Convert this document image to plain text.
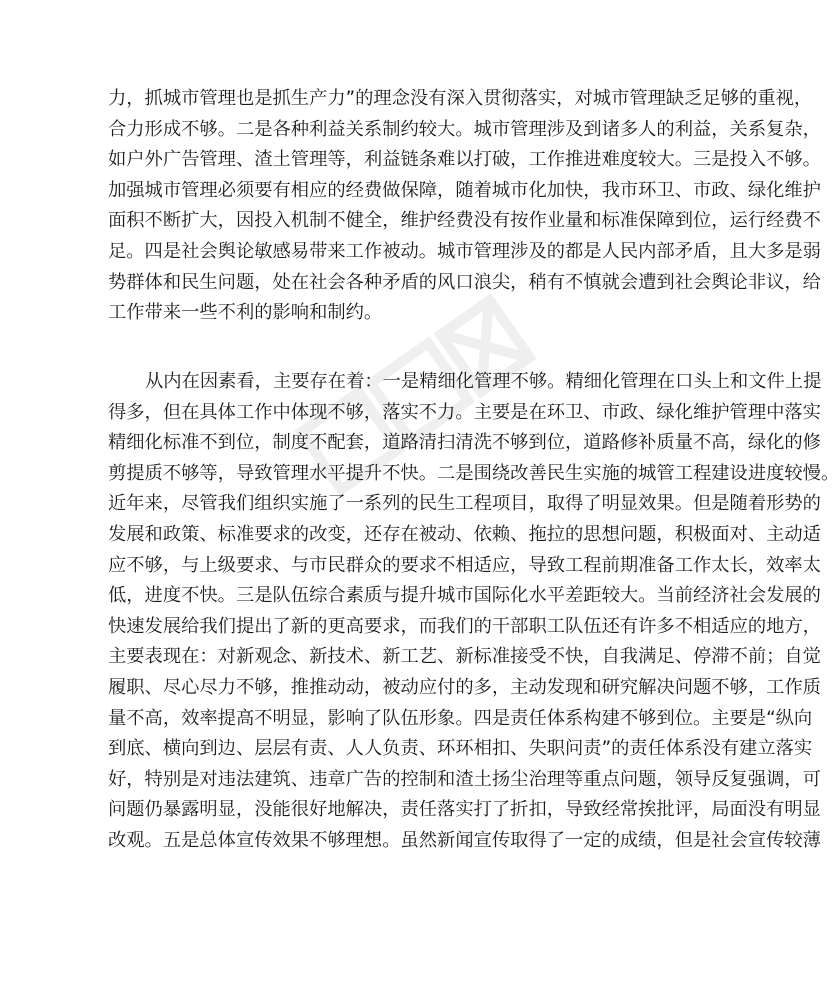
力，抓城市管理也是抓生产力”的理念没有深入贯彻落实，对城市管理缺乏足够的重视，
合力形成不够。二是各种利益关系制约较大。城市管理涉及到诸多人的利益，关系复杂，
如户外广告管理、渣土管理等，利益链条难以打破，工作推进难度较大。三是投入不够。
加强城市管理必须要有相应的经费做保障，随着城市化加快，我市环卫、市政、绿化维护
面积不断扩大，因投入机制不健全，维护经费没有按作业量和标准保障到位，运行经费不
足。四是社会舆论敏感易带来工作被动。城市管理涉及的都是人民内部矛盾，且大多是弱
势群体和民生问题，处在社会各种矛盾的风口浪尖，稍有不慎就会遭到社会舆论非议，给
工作带来一些不利的影响和制约。
从内在因素看，主要存在着：一是精细化管理不够。精细化管理在口头上和文件上提
得多，但在具体工作中体现不够，落实不力。主要是在环卫、市政、绿化维护管理中落实
精细化标准不到位，制度不配套，道路清扫清洗不够到位，道路修补质量不高，绿化的修
剪提质不够等，导致管理水平提升不快。二是围绕改善民生实施的城管工程建设进度较慢。
近年来，尽管我们组织实施了一系列的民生工程项目，取得了明显效果。但是随着形势的
发展和政策、标准要求的改变，还存在被动、依赖、拖拉的思想问题，积极面对、主动适
应不够，与上级要求、与市民群众的要求不相适应，导致工程前期准备工作太长，效率太
低，进度不快。三是队伍综合素质与提升城市国际化水平差距较大。当前经济社会发展的
快速发展给我们提出了新的更高要求，而我们的干部职工队伍还有许多不相适应的地方，
主要表现在：对新观念、新技术、新工艺、新标准接受不快，自我满足、停滞不前；自觉
履职、尽心尽力不够，推推动动，被动应付的多，主动发现和研究解决问题不够，工作质
量不高，效率提高不明显，影响了队伍形象。四是责任体系构建不够到位。主要是“纵向
到底、横向到边、层层有责、人人负责、环环相扣、失职问责”的责任体系没有建立落实
好，特别是对违法建筑、违章广告的控制和渣土扬尘治理等重点问题，领导反复强调，可
问题仍暴露明显，没能很好地解决，责任落实打了折扣，导致经常挨批评，局面没有明显
改观。五是总体宣传效果不够理想。虽然新闻宣传取得了一定的成绩，但是社会宣传较薄
